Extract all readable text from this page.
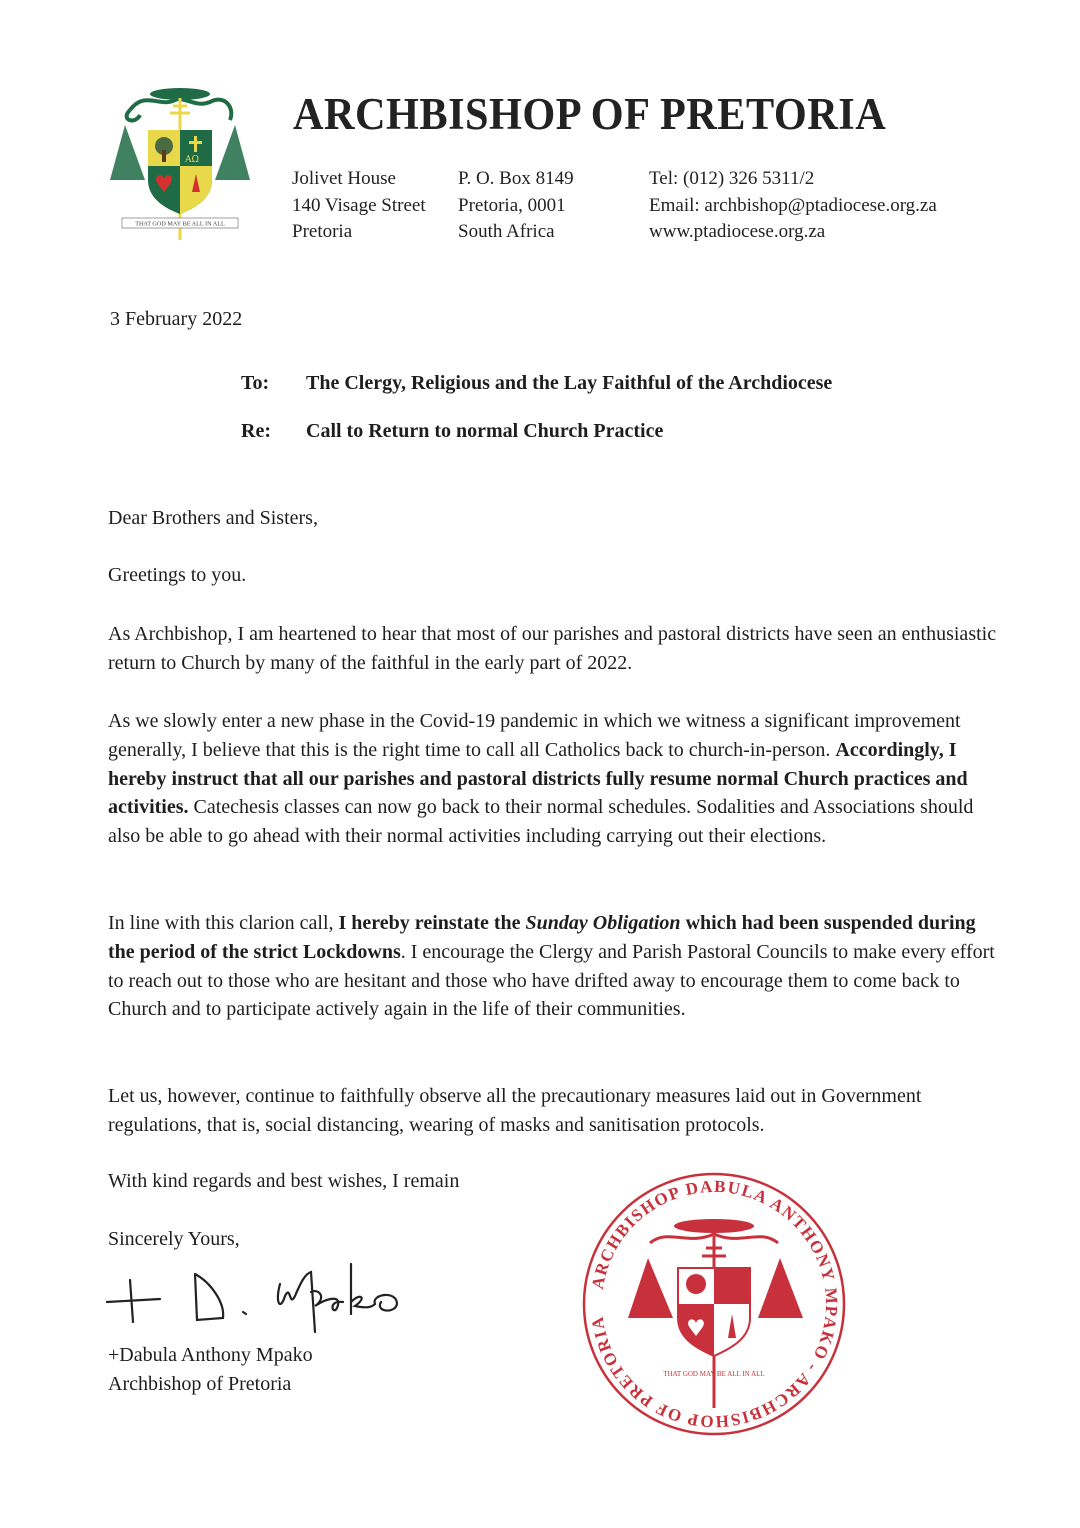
AΩ
THAT GOD MAY BE ALL IN ALL
ARCHBISHOP OF PRETORIA
Jolivet House
140 Visage Street
Pretoria
P. O. Box 8149
Pretoria, 0001
South Africa
Tel: (012) 326 5311/2
Email: archbishop@ptadiocese.org.za
www.ptadiocese.org.za
3 February 2022
To: The Clergy, Religious and the Lay Faithful of the Archdiocese
Re: Call to Return to normal Church Practice
Dear Brothers and Sisters,
Greetings to you.
As Archbishop, I am heartened to hear that most of our parishes and pastoral districts have seen an enthusiastic return to Church by many of the faithful in the early part of 2022.
As we slowly enter a new phase in the Covid-19 pandemic in which we witness a significant improvement generally, I believe that this is the right time to call all Catholics back to church-in-person. Accordingly, I hereby instruct that all our parishes and pastoral districts fully resume normal Church practices and activities. Catechesis classes can now go back to their normal schedules. Sodalities and Associations should also be able to go ahead with their normal activities including carrying out their elections.
In line with this clarion call, I hereby reinstate the Sunday Obligation which had been suspended during the period of the strict Lockdowns. I encourage the Clergy and Parish Pastoral Councils to make every effort to reach out to those who are hesitant and those who have drifted away to encourage them to come back to Church and to participate actively again in the life of their communities.
Let us, however, continue to faithfully observe all the precautionary measures laid out in Government regulations, that is, social distancing, wearing of masks and sanitisation protocols.
With kind regards and best wishes, I remain
Sincerely Yours,
+Dabula Anthony Mpako
Archbishop of Pretoria
ARCHBISHOP DABULA ANTHONY MPAKO - ARCHBISHOP OF PRETORIA
THAT GOD MAY BE ALL IN ALL
